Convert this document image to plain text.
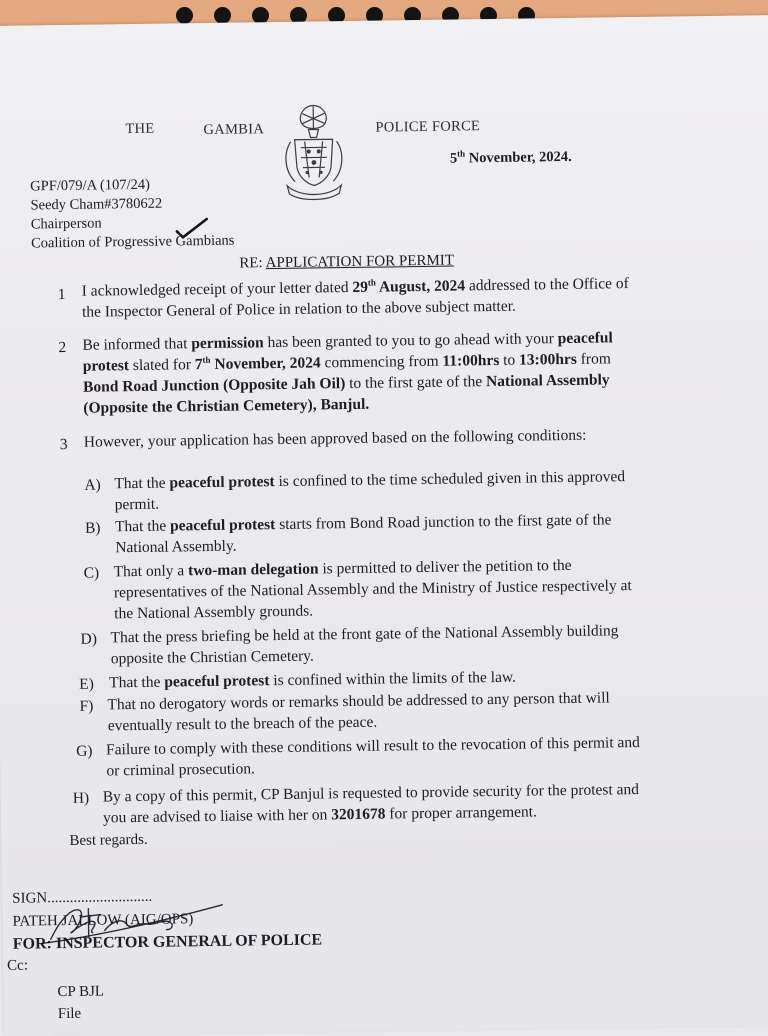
THE	GAMBIA	POLICE FORCE
5th November, 2024.
GPF/079/A (107/24)
Seedy Cham#3780622
Chairperson
Coalition of Progressive Gambians
RE: APPLICATION FOR PERMIT
1 I acknowledged receipt of your letter dated 29th August, 2024 addressed to the Office of
the Inspector General of Police in relation to the above subject matter.
2 Be informed that permission has been granted to you to go ahead with your peaceful
protest slated for 7th November, 2024 commencing from 11:00hrs to 13:00hrs from
Bond Road Junction (Opposite Jah Oil) to the first gate of the National Assembly
(Opposite the Christian Cemetery), Banjul.
3 However, your application has been approved based on the following conditions:
A) That the peaceful protest is confined to the time scheduled given in this approved
permit.
B) That the peaceful protest starts from Bond Road junction to the first gate of the
National Assembly.
C) That only a two-man delegation is permitted to deliver the petition to the
representatives of the National Assembly and the Ministry of Justice respectively at
the National Assembly grounds.
D) That the press briefing be held at the front gate of the National Assembly building
opposite the Christian Cemetery.
E) That the peaceful protest is confined within the limits of the law.
F) That no derogatory words or remarks should be addressed to any person that will
eventually result to the breach of the peace.
G) Failure to comply with these conditions will result to the revocation of this permit and
or criminal prosecution.
H) By a copy of this permit, CP Banjul is requested to provide security for the protest and
you are advised to liaise with her on 3201678 for proper arrangement.
Best regards.
SIGN............................
PATEH JALLOW (AIG/OPS)
FOR: INSPECTOR GENERAL OF POLICE
Cc:
CP BJL
File
